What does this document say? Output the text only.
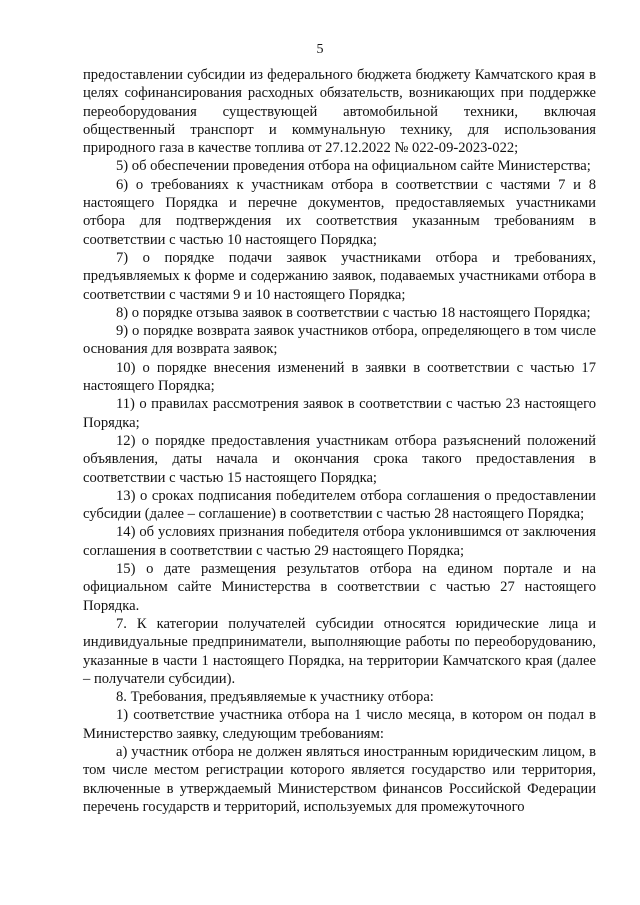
5

предоставлении субсидии из федерального бюджета бюджету Камчатского края в целях софинансирования расходных обязательств, возникающих при поддержке переоборудования существующей автомобильной техники, включая общественный транспорт и коммунальную технику, для использования природного газа в качестве топлива от 27.12.2022 № 022-09-2023-022;

5) об обеспечении проведения отбора на официальном сайте Министерства;

6) о требованиях к участникам отбора в соответствии с частями 7 и 8 настоящего Порядка и перечне документов, предоставляемых участниками отбора для подтверждения их соответствия указанным требованиям в соответствии с частью 10 настоящего Порядка;

7) о порядке подачи заявок участниками отбора и требованиях, предъявляемых к форме и содержанию заявок, подаваемых участниками отбора в соответствии с частями 9 и 10 настоящего Порядка;

8) о порядке отзыва заявок в соответствии с частью 18 настоящего Порядка;

9) о порядке возврата заявок участников отбора, определяющего в том числе основания для возврата заявок;

10) о порядке внесения изменений в заявки в соответствии с частью 17 настоящего Порядка;

11) о правилах рассмотрения заявок в соответствии с частью 23 настоящего Порядка;

12) о порядке предоставления участникам отбора разъяснений положений объявления, даты начала и окончания срока такого предоставления в соответствии с частью 15 настоящего Порядка;

13) о сроках подписания победителем отбора соглашения о предоставлении субсидии (далее – соглашение) в соответствии с частью 28 настоящего Порядка;

14) об условиях признания победителя отбора уклонившимся от заключения соглашения в соответствии с частью 29 настоящего Порядка;

15) о дате размещения результатов отбора на едином портале и на официальном сайте Министерства в соответствии с частью 27 настоящего Порядка.

7. К категории получателей субсидии относятся юридические лица и индивидуальные предприниматели, выполняющие работы по переоборудованию, указанные в части 1 настоящего Порядка, на территории Камчатского края (далее – получатели субсидии).

8. Требования, предъявляемые к участнику отбора:

1) соответствие участника отбора на 1 число месяца, в котором он подал в Министерство заявку, следующим требованиям:

а) участник отбора не должен являться иностранным юридическим лицом, в том числе местом регистрации которого является государство или территория, включенные в утверждаемый Министерством финансов Российской Федерации перечень государств и территорий, используемых для промежуточного
